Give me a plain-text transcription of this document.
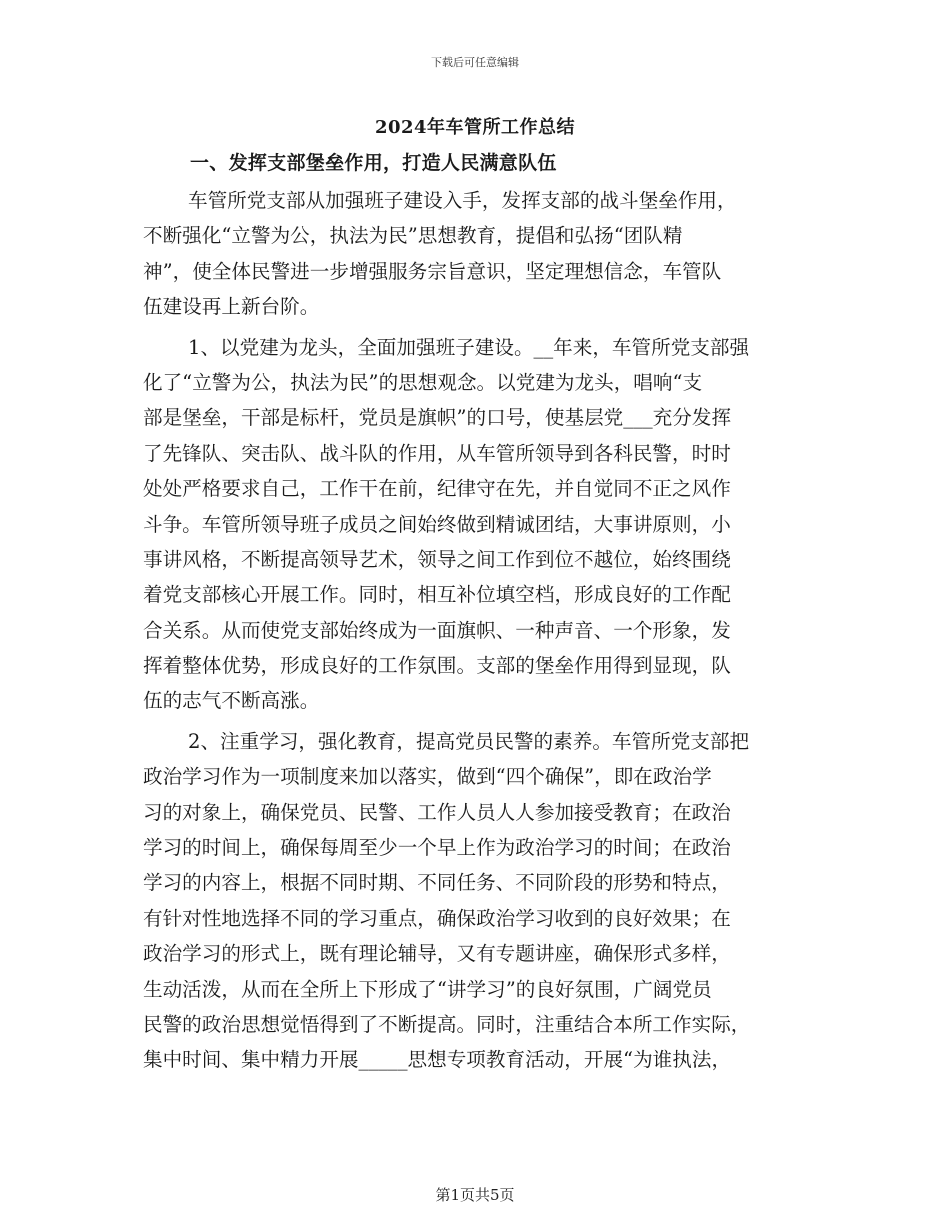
下载后可任意编辑
2024年车管所工作总结
一、发挥支部堡垒作用，打造人民满意队伍
车管所党支部从加强班子建设入手，发挥支部的战斗堡垒作用，
不断强化“立警为公，执法为民”思想教育，提倡和弘扬“团队精
神”，使全体民警进一步增强服务宗旨意识，坚定理想信念，车管队
伍建设再上新台阶。
1、以党建为龙头，全面加强班子建设。__年来，车管所党支部强
化了“立警为公，执法为民”的思想观念。以党建为龙头，唱响“支
部是堡垒，干部是标杆，党员是旗帜”的口号，使基层党___充分发挥
了先锋队、突击队、战斗队的作用，从车管所领导到各科民警，时时
处处严格要求自己，工作干在前，纪律守在先，并自觉同不正之风作
斗争。车管所领导班子成员之间始终做到精诚团结，大事讲原则，小
事讲风格，不断提高领导艺术，领导之间工作到位不越位，始终围绕
着党支部核心开展工作。同时，相互补位填空档，形成良好的工作配
合关系。从而使党支部始终成为一面旗帜、一种声音、一个形象，发
挥着整体优势，形成良好的工作氛围。支部的堡垒作用得到显现，队
伍的志气不断高涨。
2、注重学习，强化教育，提高党员民警的素养。车管所党支部把
政治学习作为一项制度来加以落实，做到“四个确保”，即在政治学
习的对象上，确保党员、民警、工作人员人人参加接受教育；在政治
学习的时间上，确保每周至少一个早上作为政治学习的时间；在政治
学习的内容上，根据不同时期、不同任务、不同阶段的形势和特点，
有针对性地选择不同的学习重点，确保政治学习收到的良好效果；在
政治学习的形式上，既有理论辅导，又有专题讲座，确保形式多样，
生动活泼，从而在全所上下形成了“讲学习”的良好氛围，广阔党员
民警的政治思想觉悟得到了不断提高。同时，注重结合本所工作实际，
集中时间、集中精力开展_____思想专项教育活动，开展“为谁执法，
第1页共5页
